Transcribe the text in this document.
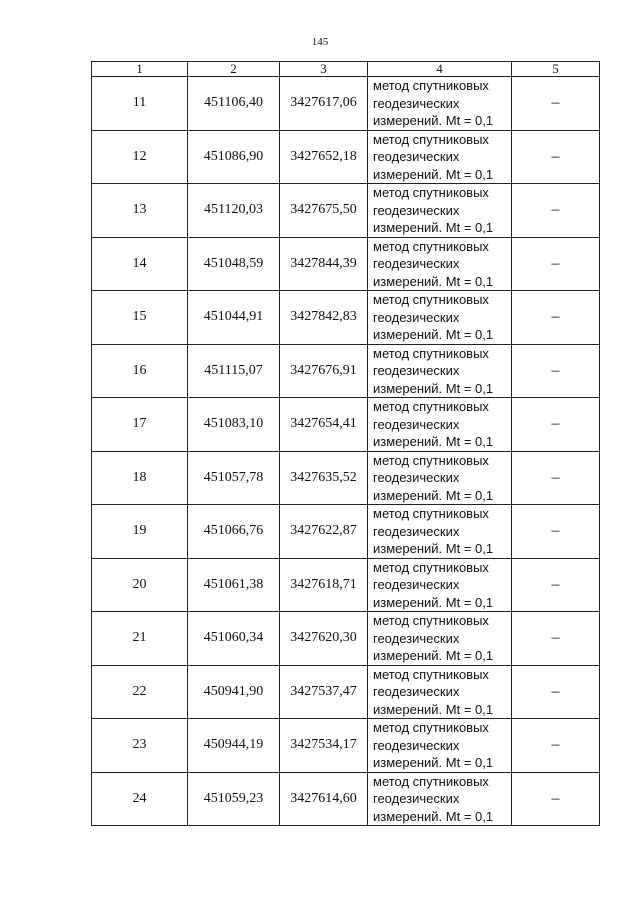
145
1	2	3	4	5
11	451106,40	3427617,06	метод спутниковых
геодезических
измерений. Mt = 0,1	–
12	451086,90	3427652,18	метод спутниковых
геодезических
измерений. Mt = 0,1	–
13	451120,03	3427675,50	метод спутниковых
геодезических
измерений. Mt = 0,1	–
14	451048,59	3427844,39	метод спутниковых
геодезических
измерений. Mt = 0,1	–
15	451044,91	3427842,83	метод спутниковых
геодезических
измерений. Mt = 0,1	–
16	451115,07	3427676,91	метод спутниковых
геодезических
измерений. Mt = 0,1	–
17	451083,10	3427654,41	метод спутниковых
геодезических
измерений. Mt = 0,1	–
18	451057,78	3427635,52	метод спутниковых
геодезических
измерений. Mt = 0,1	–
19	451066,76	3427622,87	метод спутниковых
геодезических
измерений. Mt = 0,1	–
20	451061,38	3427618,71	метод спутниковых
геодезических
измерений. Mt = 0,1	–
21	451060,34	3427620,30	метод спутниковых
геодезических
измерений. Mt = 0,1	–
22	450941,90	3427537,47	метод спутниковых
геодезических
измерений. Mt = 0,1	–
23	450944,19	3427534,17	метод спутниковых
геодезических
измерений. Mt = 0,1	–
24	451059,23	3427614,60	метод спутниковых
геодезических
измерений. Mt = 0,1	–
